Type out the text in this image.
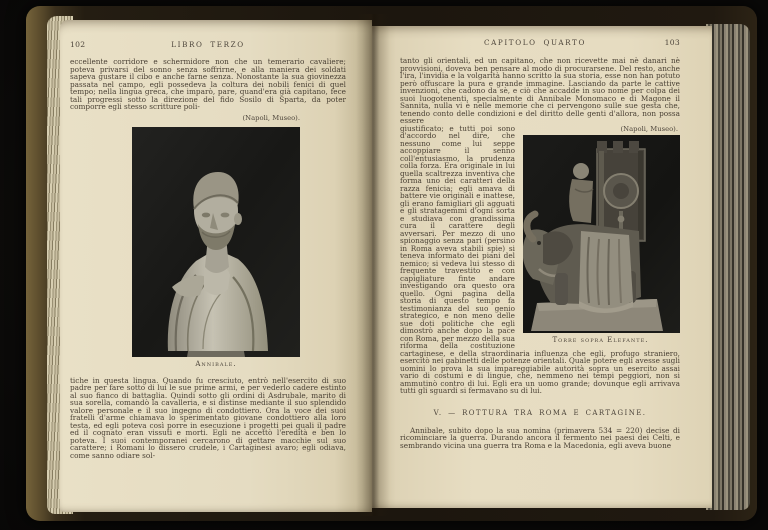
102	LIBRO TERZO
eccellente corridore e schermidore non che un temerario cavaliere; poteva privarsi del sonno senza soffrirne, e alla maniera dei soldati sapeva gustare il cibo e anche farne senza. Nonostante la sua giovinezza passata nel campo, egli possedeva la coltura dei nobili fenici di quel tempo; nella lingua greca, che imparò, pare, quand'era già capitano, fece tali progressi sotto la direzione del fido Sosilo di Sparta, da poter comporre egli stesso scritture poli-
(Napoli, Museo).
Annibale.
tiche in questa lingua. Quando fu cresciuto, entrò nell'esercito di suo padre per fare sotto di lui le sue prime armi, e per vederlo cadere estinto al suo fianco di battaglia. Quindi sotto gli ordini di Asdrubale, marito di sua sorella, comandò la cavalleria, e si distinse mediante il suo splendido valore personale e il suo ingegno di condottiero. Ora la voce dei suoi fratelli d'arme chiamava lo sperimentato giovane condottiero alla loro testa, ed egli poteva così porre in esecuzione i progetti pei quali il padre ed il cognato eran vissuti e morti. Egli ne accettò l'eredità e ben lo poteva. I suoi contemporanei cercarono di gettare macchie sul suo carattere; i Romani lo dissero crudele, i Cartaginesi avaro; egli odiava, come sanno odiare sol-
CAPITOLO QUARTO	103
tanto gli orientali, ed un capitano, che non ricevette mai nè danari nè provvisioni, doveva ben pensare al modo di procurarsene. Del resto, anche l'ira, l'invidia e la volgarità hanno scritto la sua storia, esse non han potuto però offuscare la pura e grande immagine. Lasciando da parte le cattive invenzioni, che cadono da sè, e ciò che accadde in suo nome per colpa dei suoi luogotenenti, specialmente di Annibale Monomaco e di Magone il Sannita, nulla vi è nelle memorie che ci pervengono sulle sue gesta che, tenendo conto delle condizioni e del diritto delle genti d'allora, non possa essere
(Napoli, Museo).
Torre sopra Elefante.
giustificato; e tutti poi sono d'accordo nel dire, che nessuno come lui seppe accoppiare il senno coll'entusiasmo, la prudenza colla forza. Era originale in lui quella scaltrezza inventiva che forma uno dei caratteri della razza fenicia; egli amava di battere vie originali e inattese, gli erano famigliari gli agguati e gli stratagemmi d'ogni sorta e studiava con grandissima cura il carattere degli avversari. Per mezzo di uno spionaggio senza pari (persino in Roma aveva stabili spie) si teneva informato dei piani del nemico; si vedeva lui stesso di frequente travestito e con capigliature finte andare investigando ora questo ora quello. Ogni pagina della storia di questo tempo fa testimonianza del suo genio strategico, e non meno delle sue doti politiche che egli dimostrò anche dopo la pace con Roma, per mezzo della sua riforma della costituzione cartaginese, e della straordinaria influenza che egli, profugo straniero, esercitò nei gabinetti delle potenze orientali. Quale potere egli avesse sugli uomini lo prova la sua impareggiabile autorità sopra un esercito assai vario di costumi e di lingue, che, nemmeno nei tempi peggiori, non si ammutinò contro di lui. Egli era un uomo grande; dovunque egli arrivava tutti gli sguardi si fermavano su di lui.
V. — ROTTURA TRA ROMA E CARTAGINE.
Annibale, subito dopo la sua nomina (primavera 534 = 220) decise di ricominciare la guerra. Durando ancora il fermento nei paesi dei Celti, e sembrando vicina una guerra tra Roma e la Macedonia, egli aveva buone
